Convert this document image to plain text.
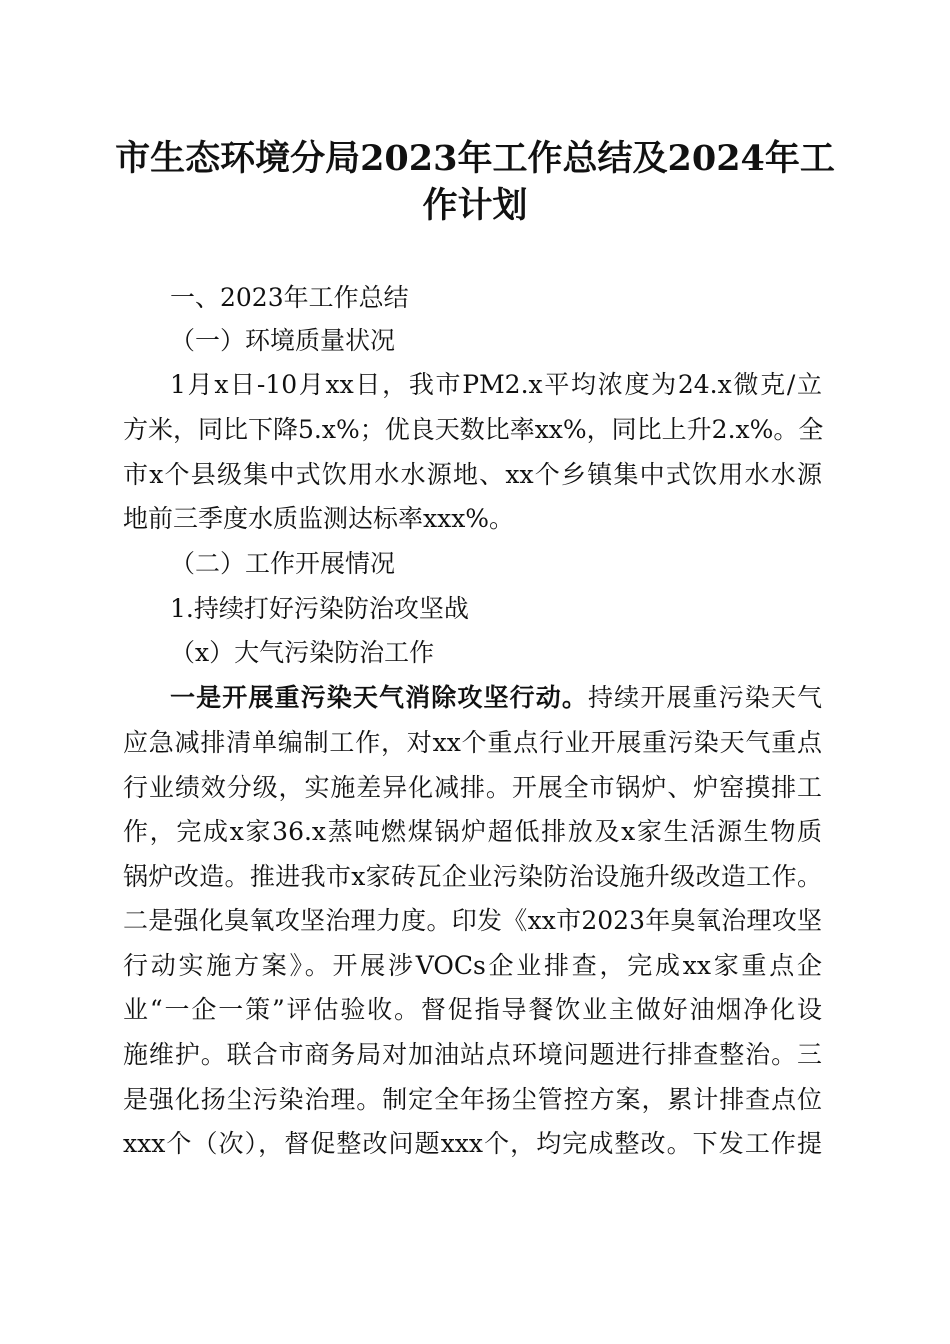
市生态环境分局2023年工作总结及2024年工
作计划
一、2023年工作总结
（一）环境质量状况
1月x日-10月xx日，我市PM2.x平均浓度为24.x微克/立
方米，同比下降5.x%；优良天数比率xx%，同比上升2.x%。全
市x个县级集中式饮用水水源地、xx个乡镇集中式饮用水水源
地前三季度水质监测达标率xxx%。
（二）工作开展情况
1.持续打好污染防治攻坚战
（x）大气污染防治工作
一是开展重污染天气消除攻坚行动。持续开展重污染天气
应急减排清单编制工作，对xx个重点行业开展重污染天气重点
行业绩效分级，实施差异化减排。开展全市锅炉、炉窑摸排工
作，完成x家36.x蒸吨燃煤锅炉超低排放及x家生活源生物质
锅炉改造。推进我市x家砖瓦企业污染防治设施升级改造工作。
二是强化臭氧攻坚治理力度。印发《xx市2023年臭氧治理攻坚
行动实施方案》。开展涉VOCs企业排查，完成xx家重点企
业“一企一策”评估验收。督促指导餐饮业主做好油烟净化设
施维护。联合市商务局对加油站点环境问题进行排查整治。三
是强化扬尘污染治理。制定全年扬尘管控方案，累计排查点位
xxx个（次），督促整改问题xxx个，均完成整改。下发工作提
